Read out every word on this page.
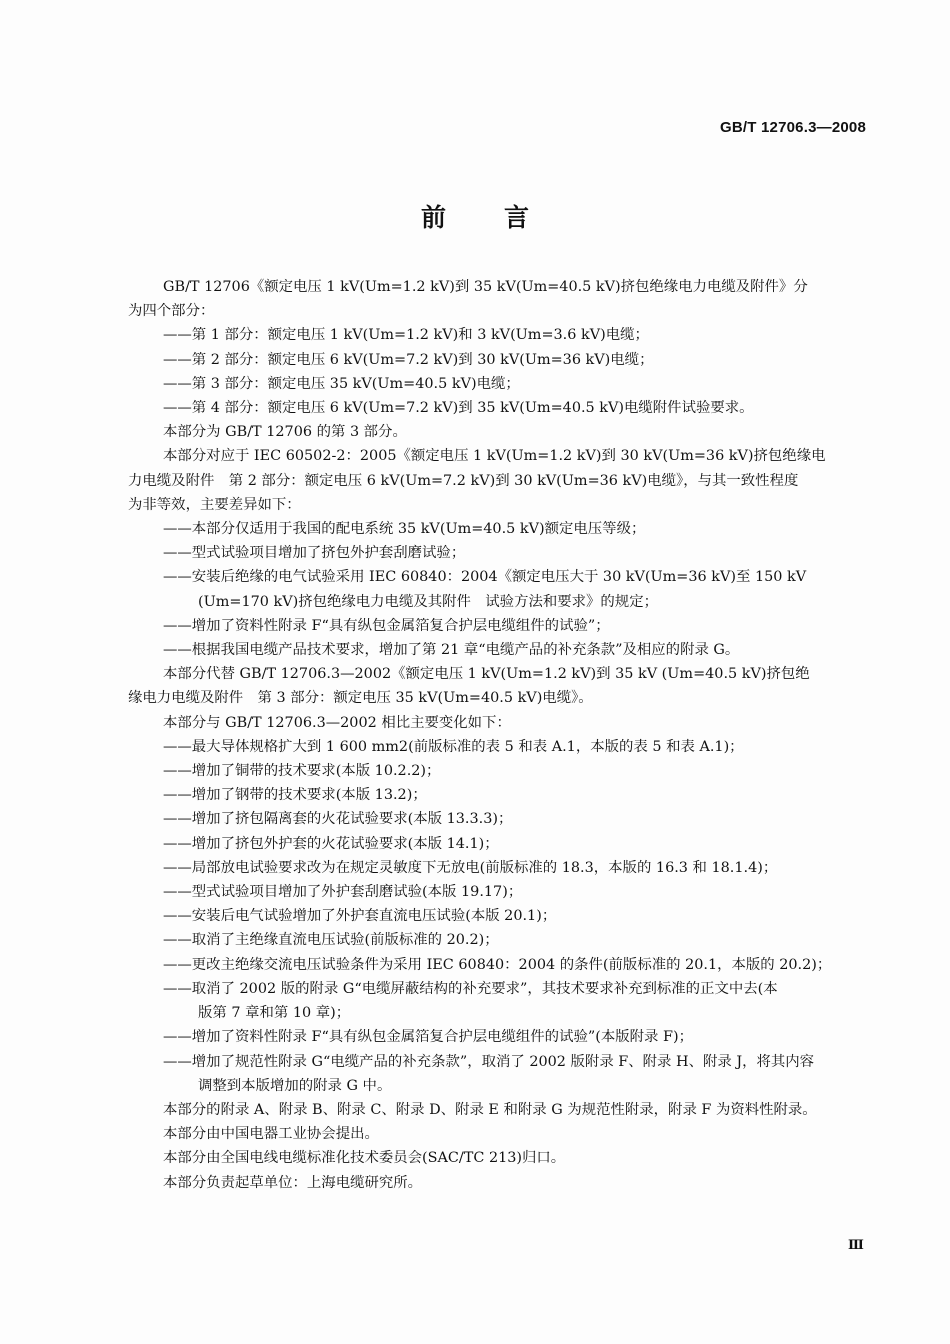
GB/T 12706.3—2008
前言

GB/T 12706《额定电压 1 kV(Um=1.2 kV)到 35 kV(Um=40.5 kV)挤包绝缘电力电缆及附件》分

为四个部分：

——第 1 部分：额定电压 1 kV(Um=1.2 kV)和 3 kV(Um=3.6 kV)电缆；

——第 2 部分：额定电压 6 kV(Um=7.2 kV)到 30 kV(Um=36 kV)电缆；

——第 3 部分：额定电压 35 kV(Um=40.5 kV)电缆；

——第 4 部分：额定电压 6 kV(Um=7.2 kV)到 35 kV(Um=40.5 kV)电缆附件试验要求。

本部分为 GB/T 12706 的第 3 部分。

本部分对应于 IEC 60502-2：2005《额定电压 1 kV(Um=1.2 kV)到 30 kV(Um=36 kV)挤包绝缘电

力电缆及附件　第 2 部分：额定电压 6 kV(Um=7.2 kV)到 30 kV(Um=36 kV)电缆》，与其一致性程度

为非等效，主要差异如下：

——本部分仅适用于我国的配电系统 35 kV(Um=40.5 kV)额定电压等级；

——型式试验项目增加了挤包外护套刮磨试验；

——安装后绝缘的电气试验采用 IEC 60840：2004《额定电压大于 30 kV(Um=36 kV)至 150 kV

(Um=170 kV)挤包绝缘电力电缆及其附件　试验方法和要求》的规定；

——增加了资料性附录 F“具有纵包金属箔复合护层电缆组件的试验”；

——根据我国电缆产品技术要求，增加了第 21 章“电缆产品的补充条款”及相应的附录 G。

本部分代替 GB/T 12706.3—2002《额定电压 1 kV(Um=1.2 kV)到 35 kV (Um=40.5 kV)挤包绝

缘电力电缆及附件　第 3 部分：额定电压 35 kV(Um=40.5 kV)电缆》。

本部分与 GB/T 12706.3—2002 相比主要变化如下：

——最大导体规格扩大到 1 600 mm2(前版标准的表 5 和表 A.1，本版的表 5 和表 A.1)；

——增加了铜带的技术要求(本版 10.2.2)；

——增加了钢带的技术要求(本版 13.2)；

——增加了挤包隔离套的火花试验要求(本版 13.3.3)；

——增加了挤包外护套的火花试验要求(本版 14.1)；

——局部放电试验要求改为在规定灵敏度下无放电(前版标准的 18.3，本版的 16.3 和 18.1.4)；

——型式试验项目增加了外护套刮磨试验(本版 19.17)；

——安装后电气试验增加了外护套直流电压试验(本版 20.1)；

——取消了主绝缘直流电压试验(前版标准的 20.2)；

——更改主绝缘交流电压试验条件为采用 IEC 60840：2004 的条件(前版标准的 20.1，本版的 20.2)；

——取消了 2002 版的附录 G“电缆屏蔽结构的补充要求”，其技术要求补充到标准的正文中去(本

版第 7 章和第 10 章)；

——增加了资料性附录 F“具有纵包金属箔复合护层电缆组件的试验”(本版附录 F)；

——增加了规范性附录 G“电缆产品的补充条款”，取消了 2002 版附录 F、附录 H、附录 J，将其内容

调整到本版增加的附录 G 中。

本部分的附录 A、附录 B、附录 C、附录 D、附录 E 和附录 G 为规范性附录，附录 F 为资料性附录。

本部分由中国电器工业协会提出。

本部分由全国电线电缆标准化技术委员会(SAC/TC 213)归口。

本部分负责起草单位：上海电缆研究所。

Ⅲ
